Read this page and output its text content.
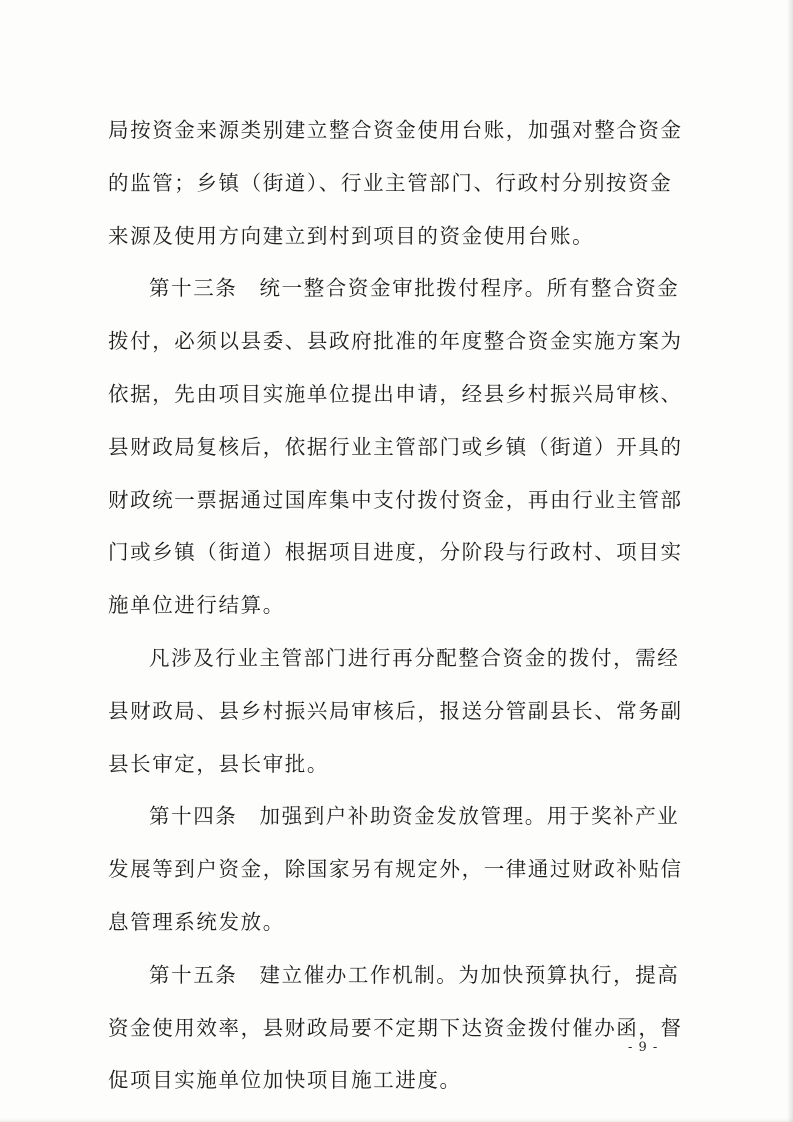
局按资金来源类别建立整合资金使用台账，加强对整合资金
的监管；乡镇（街道）、行业主管部门、行政村分别按资金
来源及使用方向建立到村到项目的资金使用台账。

第十三条　统一整合资金审批拨付程序。所有整合资金
拨付，必须以县委、县政府批准的年度整合资金实施方案为
依据，先由项目实施单位提出申请，经县乡村振兴局审核、
县财政局复核后，依据行业主管部门或乡镇（街道）开具的
财政统一票据通过国库集中支付拨付资金，再由行业主管部
门或乡镇（街道）根据项目进度，分阶段与行政村、项目实
施单位进行结算。

凡涉及行业主管部门进行再分配整合资金的拨付，需经
县财政局、县乡村振兴局审核后，报送分管副县长、常务副
县长审定，县长审批。

第十四条　加强到户补助资金发放管理。用于奖补产业
发展等到户资金，除国家另有规定外，一律通过财政补贴信
息管理系统发放。

第十五条　建立催办工作机制。为加快预算执行，提高
资金使用效率，县财政局要不定期下达资金拨付催办函，督
促项目实施单位加快项目施工进度。

- 9 -
